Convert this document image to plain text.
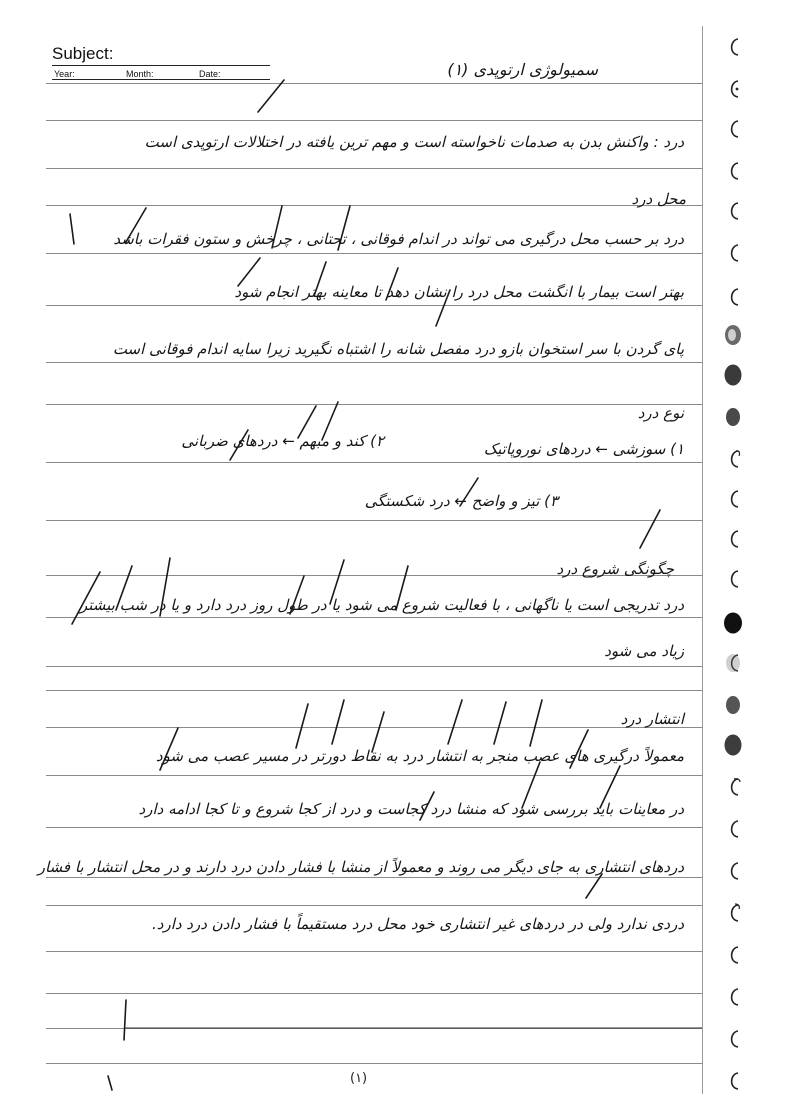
Subject:
Year:	Month:	Date:	سمیولوژی ارتوپدی (۱)
درد : واکنش بدن به صدمات ناخواسته است و مهم ترین یافته در اختلالات ارتوپدی است
محل درد
درد بر حسب محل درگیری می تواند در اندام فوقانی ، تحتانی ، چرخش و ستون فقرات باشد
بهتر است بیمار با انگشت محل درد را نشان دهد تا معاینه بهتر انجام شود
پای گردن با سر استخوان بازو درد مفصل شانه را اشتباه نگیرید زیرا سایه اندام فوقانی است
نوع درد
۱) سوزشی ← دردهای نوروپاتیک
۲) کند و مبهم ← دردهای ضربانی
۳) تیز و واضح ← درد شکستگی
چگونگی شروع درد
درد تدریجی است یا ناگهانی ، با فعالیت شروع می شود یا در طول روز درد دارد و یا در شب بیشتر
زیاد می شود
انتشار درد
معمولاً درگیری های عصب منجر به انتشار درد به نقاط دورتر در مسیر عصب می شود
در معاینات باید بررسی شود که منشا درد کجاست و درد از کجا شروع و تا کجا ادامه دارد
دردهای انتشاری به جای دیگر می روند و معمولاً از منشا با فشار دادن درد دارند و در محل انتشار با فشار
دردی ندارد ولی در دردهای غیر انتشاری خود محل درد مستقیماً با فشار دادن درد دارد.
(۱)
